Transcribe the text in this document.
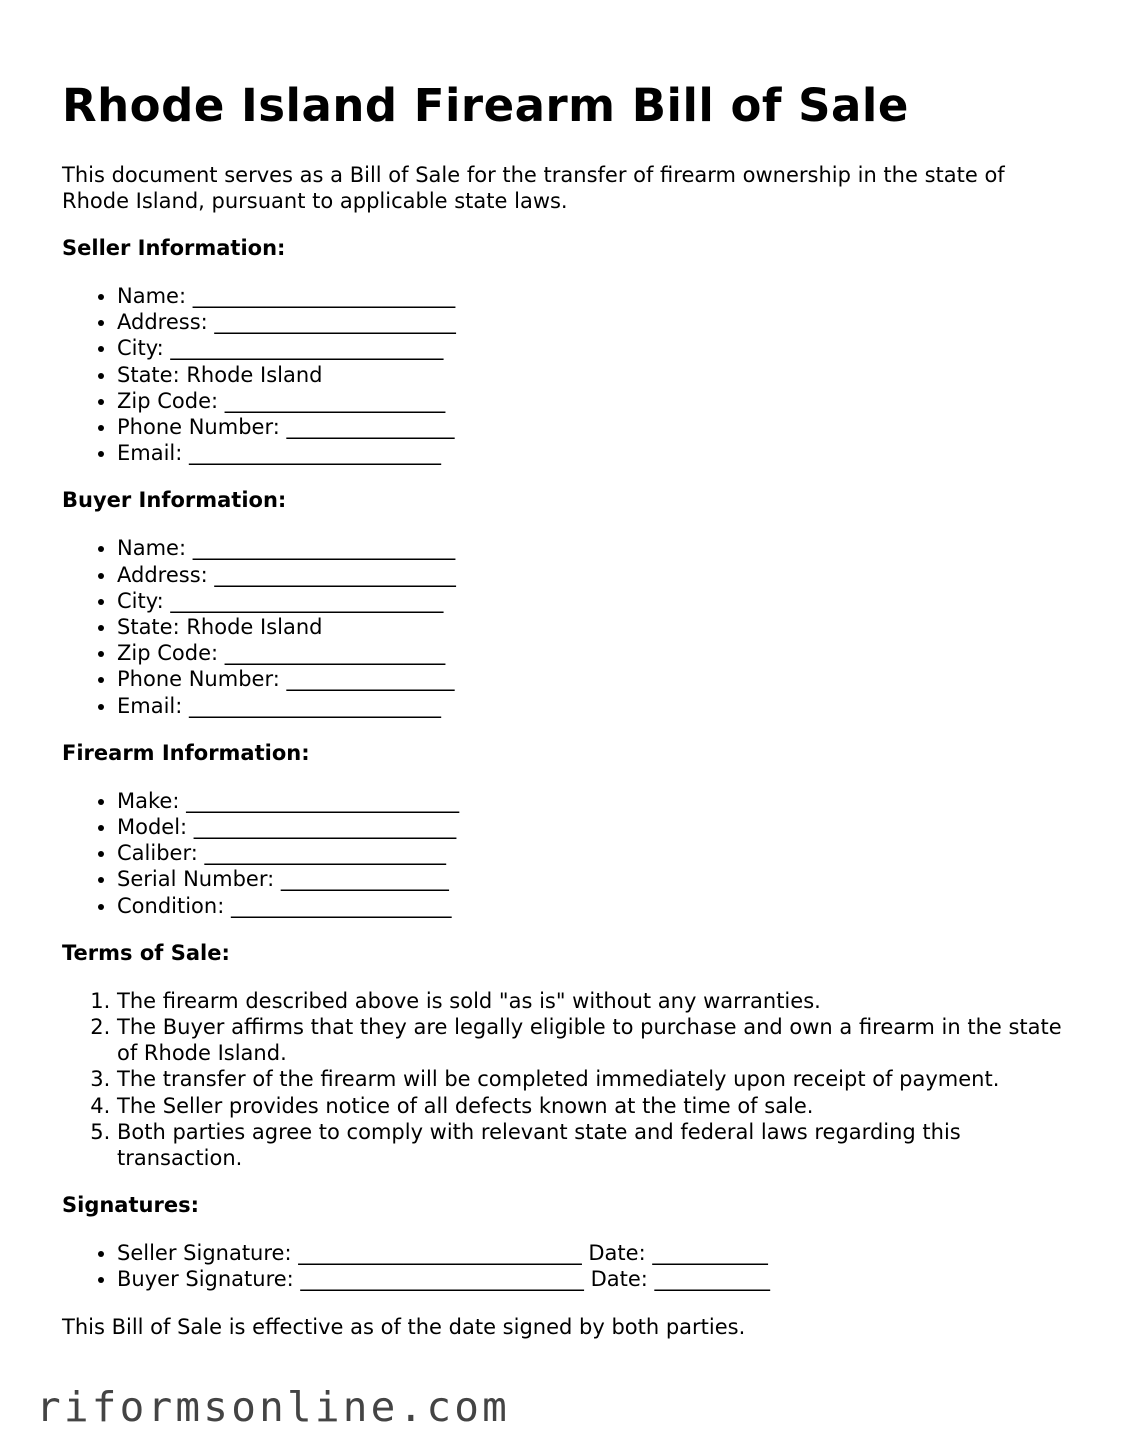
Rhode Island Firearm Bill of Sale

This document serves as a Bill of Sale for the transfer of firearm ownership in the state of Rhode Island, pursuant to applicable state laws.

Seller Information:
• Name: _________________________
• Address: _______________________
• City: __________________________
• State: Rhode Island
• Zip Code: _____________________
• Phone Number: ________________
• Email: ________________________
Buyer Information:
• Name: _________________________
• Address: _______________________
• City: __________________________
• State: Rhode Island
• Zip Code: _____________________
• Phone Number: ________________
• Email: ________________________
Firearm Information:
• Make: __________________________
• Model: _________________________
• Caliber: _______________________
• Serial Number: ________________
• Condition: _____________________
Terms of Sale:
1. The firearm described above is sold "as is" without any warranties.
2. The Buyer affirms that they are legally eligible to purchase and own a firearm in the state of Rhode Island.
3. The transfer of the firearm will be completed immediately upon receipt of payment.
4. The Seller provides notice of all defects known at the time of sale.
5. Both parties agree to comply with relevant state and federal laws regarding this transaction.
Signatures:
• Seller Signature: ___________________________ Date: ___________
• Buyer Signature: ___________________________ Date: ___________

This Bill of Sale is effective as of the date signed by both parties.

riformsonline.com
